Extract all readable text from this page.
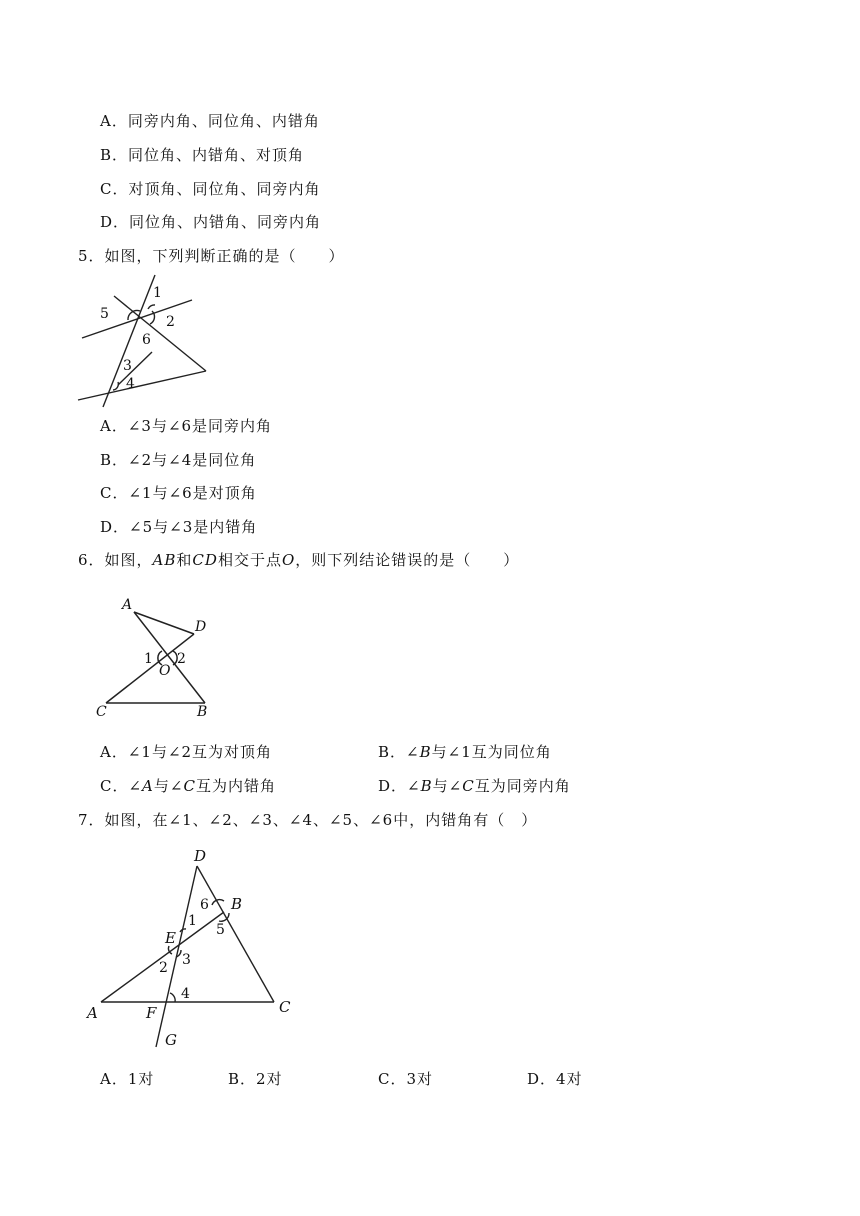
A．同旁内角、同位角、内错角
B．同位角、内错角、对顶角
C．对顶角、同位角、同旁内角
D．同位角、内错角、同旁内角
5．如图，下列判断正确的是（　　）
5
1
2
6
3
4
A．∠3与∠6是同旁内角
B．∠2与∠4是同位角
C．∠1与∠6是对顶角
D．∠5与∠3是内错角
6．如图，AB和CD相交于点O，则下列结论错误的是（　　）
A
D
1 2
O
C	B
A．∠1与∠2互为对顶角	B．∠B与∠1互为同位角
C．∠A与∠C互为内错角	D．∠B与∠C互为同旁内角
7．如图，在∠1、∠2、∠3、∠4、∠5、∠6中，内错角有（　）
D
6 B
1
5
E
3
2
4
A	F	C
G
A．1对	B．2对	C．3对	D．4对
